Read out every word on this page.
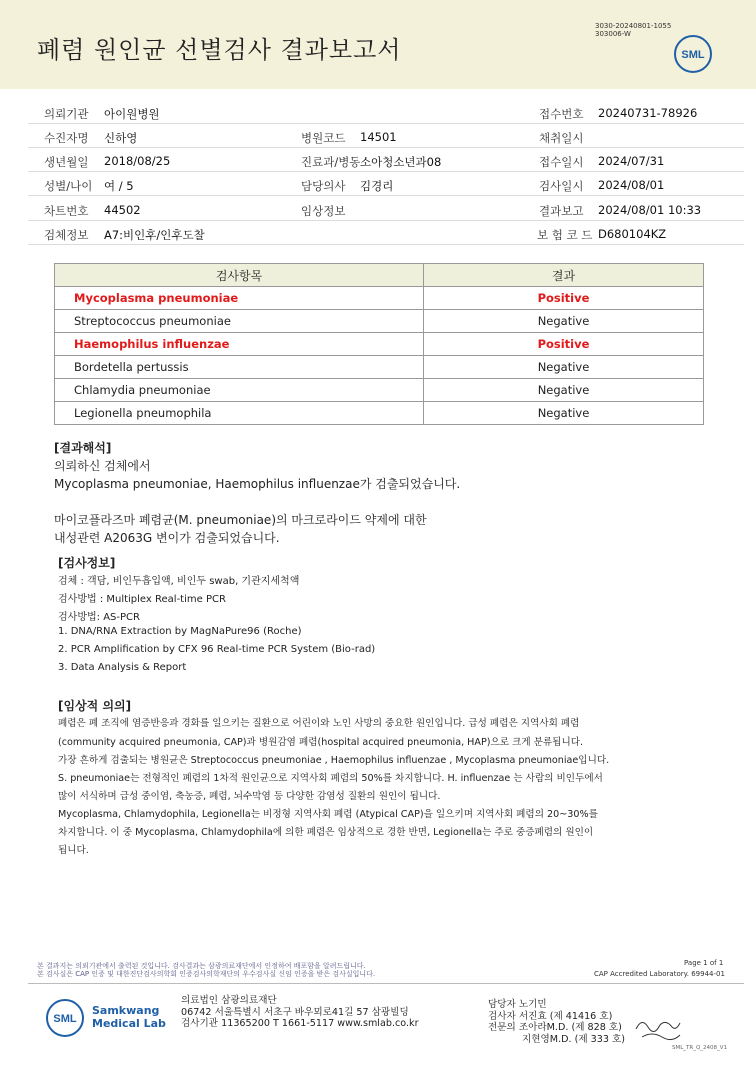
폐렴 원인균 선별검사 결과보고서
3030-20240801-1055
303006-W
SML
의뢰기관 아이원병원	접수번호 20240731-78926
수진자명 신하영	병원코드 14501	채취일시
생년월일 2018/08/25	진료과/병동 소아청소년과08	접수일시 2024/07/31
성별/나이 여 / 5	담당의사 김경리	검사일시 2024/08/01
차트번호 44502	임상정보	결과보고 2024/08/01 10:33
검체정보 A7:비인후/인후도찰	보 험 코 드 D680104KZ
검사항목	결과
Mycoplasma pneumoniae	Positive
Streptococcus pneumoniae	Negative
Haemophilus influenzae	Positive
Bordetella pertussis	Negative
Chlamydia pneumoniae	Negative
Legionella pneumophila	Negative
[결과해석]
의뢰하신 검체에서
Mycoplasma pneumoniae, Haemophilus influenzae가 검출되었습니다.
마이코플라즈마 폐렴균(M. pneumoniae)의 마크로라이드 약제에 대한
내성관련 A2063G 변이가 검출되었습니다.
[검사정보]
검체 : 객담, 비인두흡입액, 비인두 swab, 기관지세척액
검사방법 : Multiplex Real-time PCR
검사방법: AS-PCR
1. DNA/RNA Extraction by MagNaPure96 (Roche)
2. PCR Amplification by CFX 96 Real-time PCR System (Bio-rad)
3. Data Analysis & Report
[임상적 의의]
폐렴은 폐 조직에 염증반응과 경화를 일으키는 질환으로 어린이와 노인 사망의 중요한 원인입니다. 급성 폐렴은 지역사회 폐렴
(community acquired pneumonia, CAP)과 병원감염 폐렴(hospital acquired pneumonia, HAP)으로 크게 분류됩니다.
가장 흔하게 검출되는 병원균은 Streptococcus pneumoniae , Haemophilus influenzae , Mycoplasma pneumoniae입니다.
S. pneumoniae는 전형적인 폐렴의 1차적 원인균으로 지역사회 폐렴의 50%를 차지합니다. H. influenzae 는 사람의 비인두에서
많이 서식하며 급성 중이염, 축농증, 폐렴, 뇌수막염 등 다양한 감염성 질환의 원인이 됩니다.
Mycoplasma, Chlamydophila, Legionella는 비정형 지역사회 폐렴 (Atypical CAP)을 일으키며 지역사회 폐렴의 20~30%를
차지합니다. 이 중 Mycoplasma, Chlamydophila에 의한 폐렴은 임상적으로 경한 반면, Legionella는 주로 중증폐렴의 원인이
됩니다.
본 결과지는 의뢰기관에서 출력된 것입니다. 검사결과는 삼광의료재단에서 인정하여 배포함을 알려드립니다.
본 검사실은 CAP 인증 및 대한진단검사의학회 인증검사의학재단의 우수검사실 신임 인증을 받은 검사실입니다.
Page 1 of 1
CAP Accredited Laboratory. 69944-01
SML
Samkwang
Medical Lab
의료법인 삼광의료재단
06742 서울특별시 서초구 바우뫼로41길 57 삼광빌딩
검사기관 11365200 T 1661-5117 www.smlab.co.kr
담당자 노기민
검사자 서진효 (제 41416 호)
전문의 조아라M.D. (제 828 호)
지현영M.D. (제 333 호)
SML_TR_Q_2408_V1
